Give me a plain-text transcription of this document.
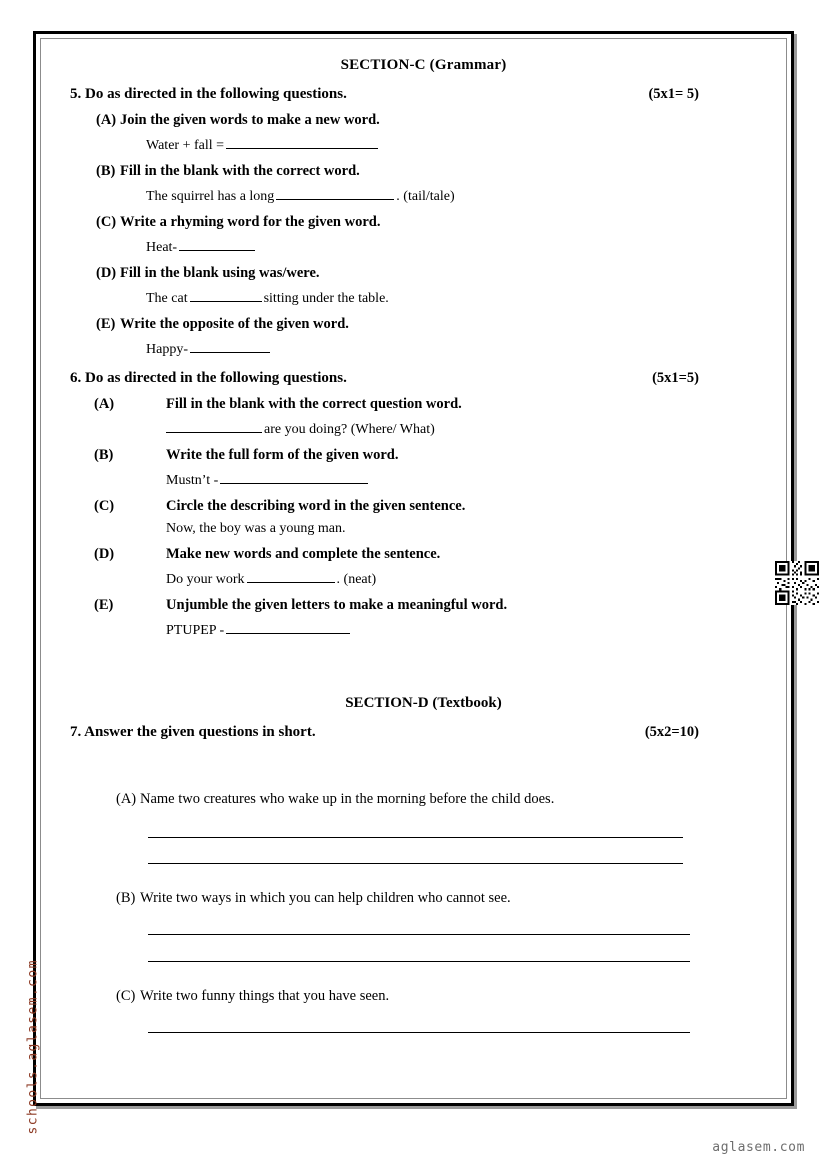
SECTION-C (Grammar)
5. Do as directed in the following questions.	(5x1= 5)
(A) Join the given words to make a new word.
Water + fall =
(B) Fill in the blank with the correct word.
The squirrel has a long	. (tail/tale)
(C) Write a rhyming word for the given word.
Heat-
(D) Fill in the blank using was/were.
The cat	sitting under the table.
(E) Write the opposite of the given word.
Happy-
6. Do as directed in the following questions.	(5x1=5)
(A)	Fill in the blank with the correct question word.
are you doing? (Where/ What)
(B)	Write the full form of the given word.
Mustn’t -
(C)	Circle the describing word in the given sentence.
Now, the boy was a young man.
(D)	Make new words and complete the sentence.
Do your work	. (neat)
(E)	Unjumble the given letters to make a meaningful word.
PTUPEP -
SECTION-D (Textbook)
7. Answer the given questions in short.	(5x2=10)
(A) Name two creatures who wake up in the morning before the child does.
(B) Write two ways in which you can help children who cannot see.
(C) Write two funny things that you have seen.
schools.aglasem.com
aglasem.com
